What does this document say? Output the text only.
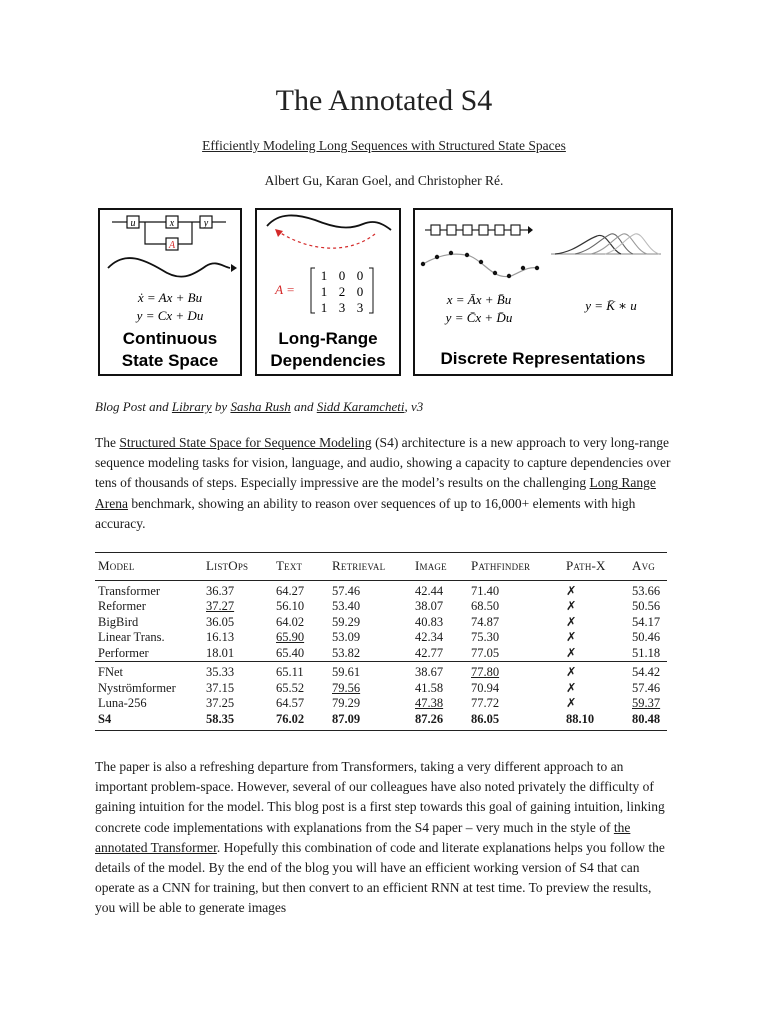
The Annotated S4
Efficiently Modeling Long Sequences with Structured State Spaces
Albert Gu, Karan Goel, and Christopher Ré.
u	x	y
A
ẋ = Ax + Bu
y = Cx + Du
Continuous
State Space
A =
1 0 0
1 2 0
1 3 3
Long-Range
Dependencies
x = Āx + B̄u
y = C̄x + D̄u
y = K̄ ∗ u
Discrete Representations
Blog Post and Library by Sasha Rush and Sidd Karamcheti, v3

The Structured State Space for Sequence Modeling (S4) architecture is a new approach to very long-range sequence modeling tasks for vision, language, and audio, showing a capacity to capture dependencies over tens of thousands of steps. Especially impressive are the model’s results on the challenging Long Range Arena benchmark, showing an ability to reason over sequences of up to 16,000+ elements with high accuracy.

Model	ListOps	Text	Retrieval	Image	Pathfinder	Path-X	Avg
Transformer	36.37	64.27	57.46	42.44	71.40	✗	53.66
Reformer	37.27	56.10	53.40	38.07	68.50	✗	50.56
BigBird	36.05	64.02	59.29	40.83	74.87	✗	54.17
Linear Trans.	16.13	65.90	53.09	42.34	75.30	✗	50.46
Performer	18.01	65.40	53.82	42.77	77.05	✗	51.18
FNet	35.33	65.11	59.61	38.67	77.80	✗	54.42
Nyströmformer	37.15	65.52	79.56	41.58	70.94	✗	57.46
Luna-256	37.25	64.57	79.29	47.38	77.72	✗	59.37
S4	58.35	76.02	87.09	87.26	86.05	88.10	80.48

The paper is also a refreshing departure from Transformers, taking a very different approach to an important problem-space. However, several of our colleagues have also noted privately the difficulty of gaining intuition for the model. This blog post is a first step towards this goal of gaining intuition, linking concrete code implementations with explanations from the S4 paper – very much in the style of the annotated Transformer. Hopefully this combination of code and literate explanations helps you follow the details of the model. By the end of the blog you will have an efficient working version of S4 that can operate as a CNN for training, but then convert to an efficient RNN at test time. To preview the results, you will be able to generate images
